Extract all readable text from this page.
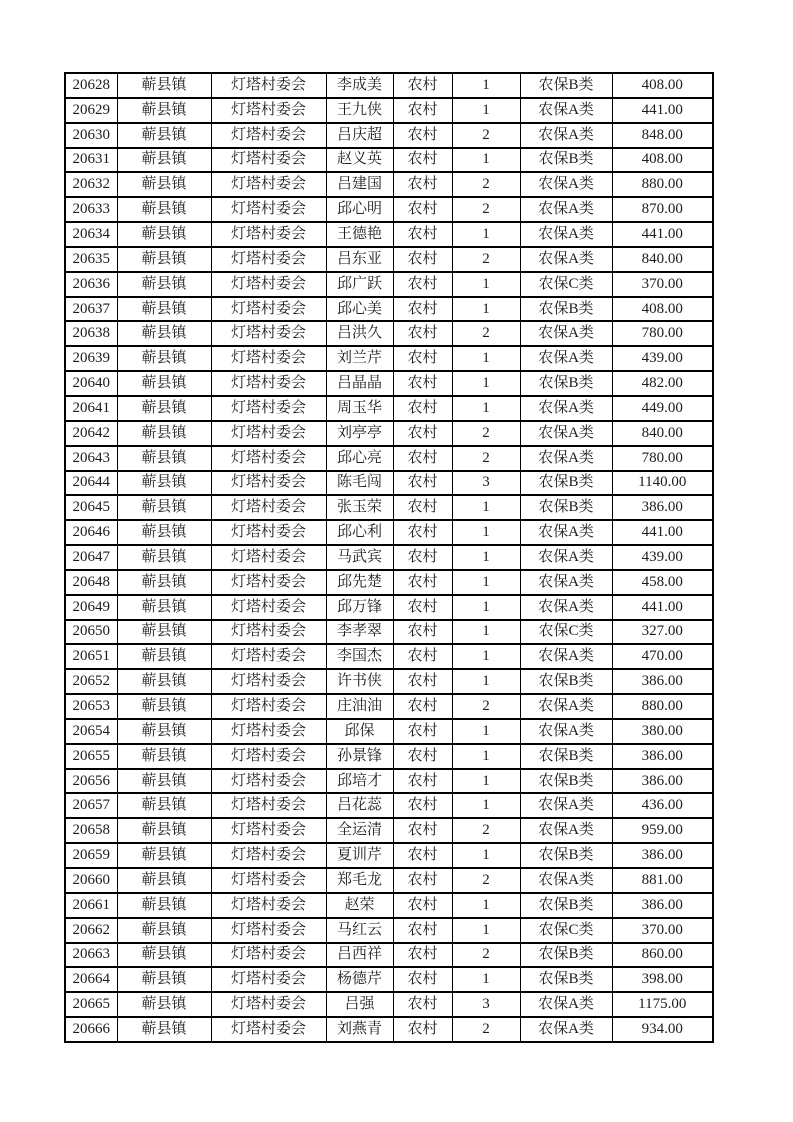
20628	蕲县镇	灯塔村委会	李成美	农村	1	农保B类	408.00
20629	蕲县镇	灯塔村委会	王九侠	农村	1	农保A类	441.00
20630	蕲县镇	灯塔村委会	吕庆超	农村	2	农保A类	848.00
20631	蕲县镇	灯塔村委会	赵义英	农村	1	农保B类	408.00
20632	蕲县镇	灯塔村委会	吕建国	农村	2	农保A类	880.00
20633	蕲县镇	灯塔村委会	邱心明	农村	2	农保A类	870.00
20634	蕲县镇	灯塔村委会	王德艳	农村	1	农保A类	441.00
20635	蕲县镇	灯塔村委会	吕东亚	农村	2	农保A类	840.00
20636	蕲县镇	灯塔村委会	邱广跃	农村	1	农保C类	370.00
20637	蕲县镇	灯塔村委会	邱心美	农村	1	农保B类	408.00
20638	蕲县镇	灯塔村委会	吕洪久	农村	2	农保A类	780.00
20639	蕲县镇	灯塔村委会	刘兰芹	农村	1	农保A类	439.00
20640	蕲县镇	灯塔村委会	吕晶晶	农村	1	农保B类	482.00
20641	蕲县镇	灯塔村委会	周玉华	农村	1	农保A类	449.00
20642	蕲县镇	灯塔村委会	刘亭亭	农村	2	农保A类	840.00
20643	蕲县镇	灯塔村委会	邱心亮	农村	2	农保A类	780.00
20644	蕲县镇	灯塔村委会	陈毛闯	农村	3	农保B类	1140.00
20645	蕲县镇	灯塔村委会	张玉荣	农村	1	农保B类	386.00
20646	蕲县镇	灯塔村委会	邱心利	农村	1	农保A类	441.00
20647	蕲县镇	灯塔村委会	马武宾	农村	1	农保A类	439.00
20648	蕲县镇	灯塔村委会	邱先楚	农村	1	农保A类	458.00
20649	蕲县镇	灯塔村委会	邱万锋	农村	1	农保A类	441.00
20650	蕲县镇	灯塔村委会	李孝翠	农村	1	农保C类	327.00
20651	蕲县镇	灯塔村委会	李国杰	农村	1	农保A类	470.00
20652	蕲县镇	灯塔村委会	许书侠	农村	1	农保B类	386.00
20653	蕲县镇	灯塔村委会	庄油油	农村	2	农保A类	880.00
20654	蕲县镇	灯塔村委会	邱保	农村	1	农保A类	380.00
20655	蕲县镇	灯塔村委会	孙景锋	农村	1	农保B类	386.00
20656	蕲县镇	灯塔村委会	邱培才	农村	1	农保B类	386.00
20657	蕲县镇	灯塔村委会	吕花蕊	农村	1	农保A类	436.00
20658	蕲县镇	灯塔村委会	全运清	农村	2	农保A类	959.00
20659	蕲县镇	灯塔村委会	夏训芹	农村	1	农保B类	386.00
20660	蕲县镇	灯塔村委会	郑毛龙	农村	2	农保A类	881.00
20661	蕲县镇	灯塔村委会	赵荣	农村	1	农保B类	386.00
20662	蕲县镇	灯塔村委会	马红云	农村	1	农保C类	370.00
20663	蕲县镇	灯塔村委会	吕西祥	农村	2	农保B类	860.00
20664	蕲县镇	灯塔村委会	杨德芹	农村	1	农保B类	398.00
20665	蕲县镇	灯塔村委会	吕强	农村	3	农保A类	1175.00
20666	蕲县镇	灯塔村委会	刘燕青	农村	2	农保A类	934.00
